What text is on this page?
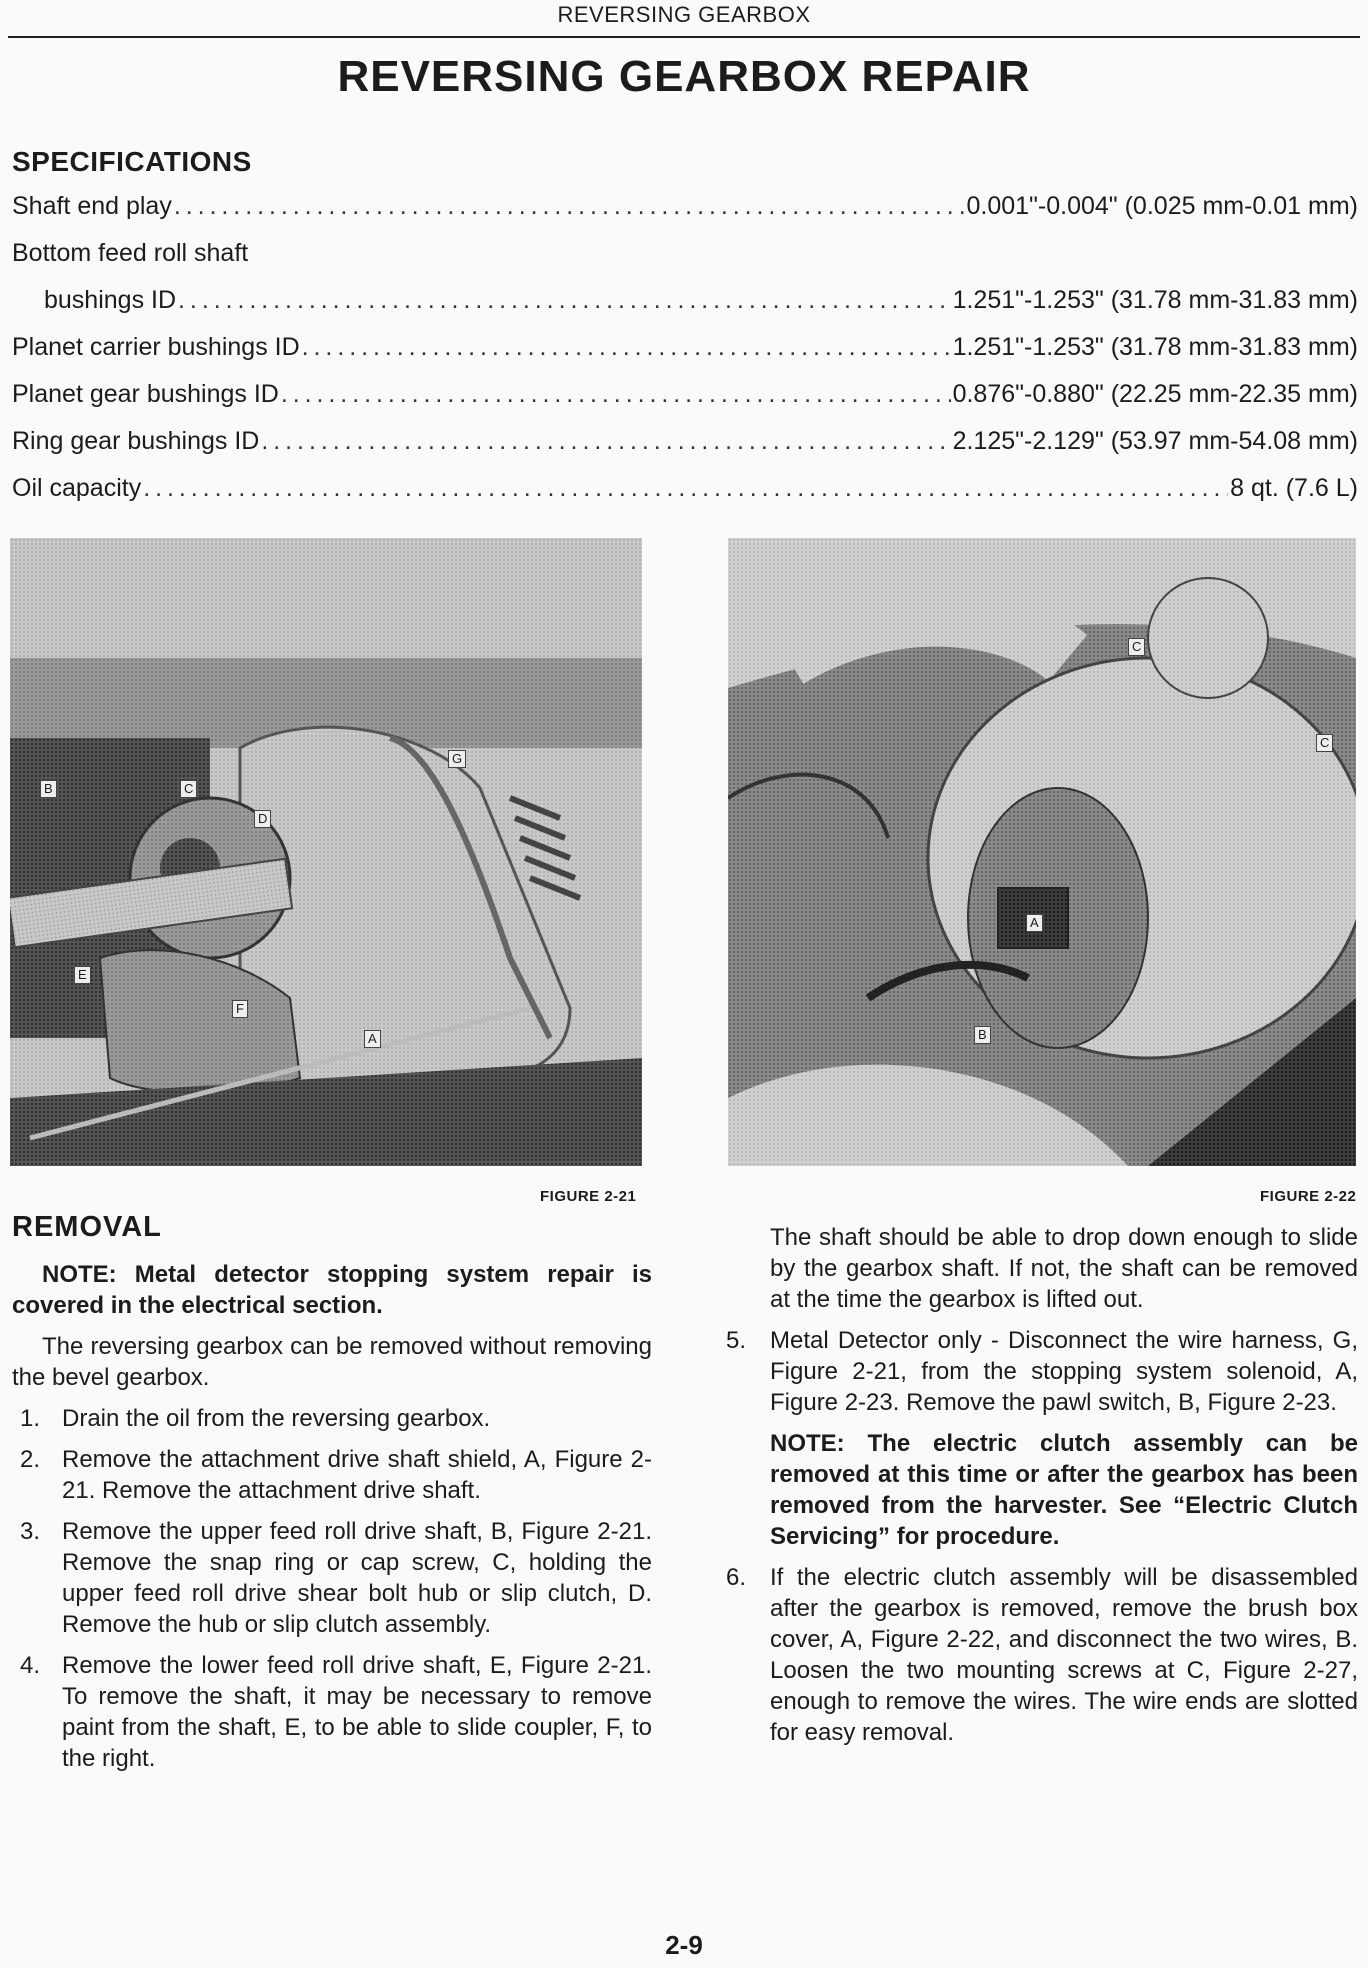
REVERSING GEARBOX
REVERSING GEARBOX REPAIR
SPECIFICATIONS
Shaft end play . . .	0.001"-0.004" (0.025 mm-0.01 mm)
Bottom feed roll shaft
bushings ID . . .	1.251"-1.253" (31.78 mm-31.83 mm)
Planet carrier bushings ID . . .	1.251"-1.253" (31.78 mm-31.83 mm)
Planet gear bushings ID . . .	0.876"-0.880" (22.25 mm-22.35 mm)
Ring gear bushings ID . . .	2.125"-2.129" (53.97 mm-54.08 mm)
Oil capacity . . .	8 qt. (7.6 L)
B	C
D
G
E
F
A
FIGURE 2-21
C
C
A
B
FIGURE 2-22
REMOVAL

NOTE: Metal detector stopping system repair is covered in the electrical section.

The reversing gearbox can be removed without removing the bevel gearbox.

1. Drain the oil from the reversing gearbox.
2. Remove the attachment drive shaft shield, A, Figure 2-21. Remove the attachment drive shaft.
3. Remove the upper feed roll drive shaft, B, Figure 2-21. Remove the snap ring or cap screw, C, holding the upper feed roll drive shear bolt hub or slip clutch, D. Remove the hub or slip clutch assembly.
4. Remove the lower feed roll drive shaft, E, Figure 2-21. To remove the shaft, it may be necessary to remove paint from the shaft, E, to be able to slide coupler, F, to the right.

The shaft should be able to drop down enough to slide by the gearbox shaft. If not, the shaft can be removed at the time the gearbox is lifted out.

5. Metal Detector only - Disconnect the wire harness, G, Figure 2-21, from the stopping system solenoid, A, Figure 2-23. Remove the pawl switch, B, Figure 2-23.

NOTE: The electric clutch assembly can be removed at this time or after the gearbox has been removed from the harvester. See “Electric Clutch Servicing” for procedure.

6. If the electric clutch assembly will be disassembled after the gearbox is removed, remove the brush box cover, A, Figure 2-22, and disconnect the two wires, B. Loosen the two mounting screws at C, Figure 2-27, enough to remove the wires. The wire ends are slotted for easy removal.
2-9
